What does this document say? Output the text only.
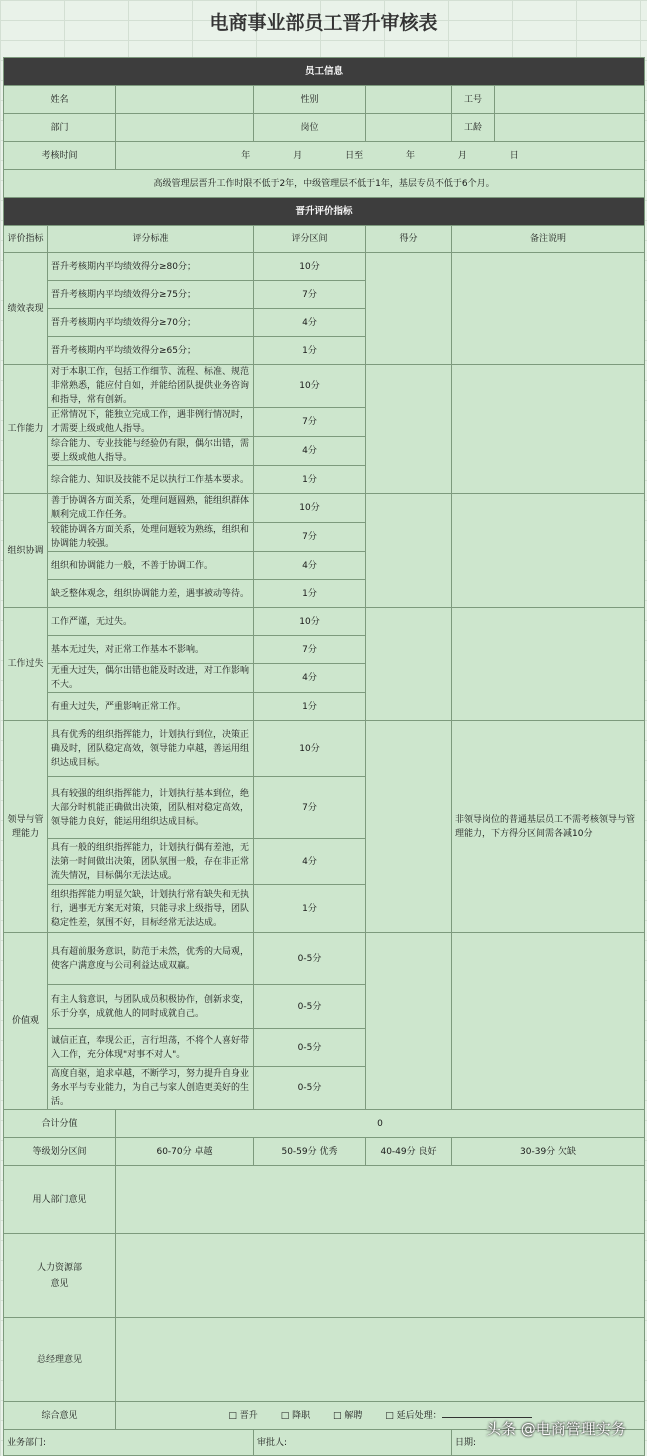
电商事业部员工晋升审核表
员工信息						
姓名			性别		工号	
部门			岗位		工龄	
考核时间		年 月 日至 年 月 日				
高级管理层晋升工作时限不低于2年，中级管理层不低于1年，基层专员不低于6个月。						
晋升评价指标						
评价指标	评分标准		评分区间	得分	备注说明	
绩效表现	晋升考核期内平均绩效得分≥80分；		10分			
	晋升考核期内平均绩效得分≥75分；		7分			
	晋升考核期内平均绩效得分≥70分；		4分			
	晋升考核期内平均绩效得分≥65分；		1分			
工作能力	对于本职工作，包括工作细节、流程、标准、规范非常熟悉，能应付自如，并能给团队提供业务咨询和指导，常有创新。		10分			
	正常情况下，能独立完成工作，遇非例行情况时，才需要上级或他人指导。		7分			
	综合能力、专业技能与经验仍有限，偶尔出错，需要上级或他人指导。		4分			
	综合能力、知识及技能不足以执行工作基本要求。		1分			
组织协调	善于协调各方面关系，处理问题圆熟，能组织群体顺利完成工作任务。		10分			
	较能协调各方面关系，处理问题较为熟练，组织和协调能力较强。		7分			
	组织和协调能力一般，不善于协调工作。		4分			
	缺乏整体观念，组织协调能力差，遇事被动等待。		1分			
工作过失	工作严谨，无过失。		10分			
	基本无过失，对正常工作基本不影响。		7分			
	无重大过失，偶尔出错也能及时改进，对工作影响不大。		4分			
	有重大过失，严重影响正常工作。		1分			
领导与管理能力	具有优秀的组织指挥能力，计划执行到位，决策正确及时，团队稳定高效，领导能力卓越，善运用组织达成目标。		10分		非领导岗位的普通基层员工不需考核领导与管理能力，下方得分区间需各减10分	
	具有较强的组织指挥能力，计划执行基本到位，绝大部分时机能正确做出决策，团队相对稳定高效，领导能力良好，能运用组织达成目标。		7分			
	具有一般的组织指挥能力，计划执行偶有差池，无法第一时间做出决策，团队氛围一般，存在非正常流失情况，目标偶尔无法达成。		4分			
	组织指挥能力明显欠缺，计划执行常有缺失和无执行，遇事无方案无对策，只能寻求上级指导，团队稳定性差，氛围不好，目标经常无法达成。		1分			
价值观	具有超前服务意识，防范于未然，优秀的大局观，使客户满意度与公司利益达成双赢。		0-5分			
	有主人翁意识，与团队成员积极协作，创新求变，乐于分享，成就他人的同时成就自己。		0-5分			
	诚信正直，奉现公正，言行坦荡，不将个人喜好带入工作，充分体现"对事不对人"。		0-5分			
	高度自驱，追求卓越，不断学习，努力提升自身业务水平与专业能力，为自己与家人创造更美好的生活。		0-5分			
合计分值		0				
等级划分区间		60-70分 卓越	50-59分 优秀	40-49分 良好	30-39分 欠缺	
用人部门意见						
人力资源部
意见						
总经理意见						
综合意见		□ 晋升 □ 降职 □ 解聘 □ 延后处理：				
业务部门:			审批人:		日期:	
头条 @电商管理实务
